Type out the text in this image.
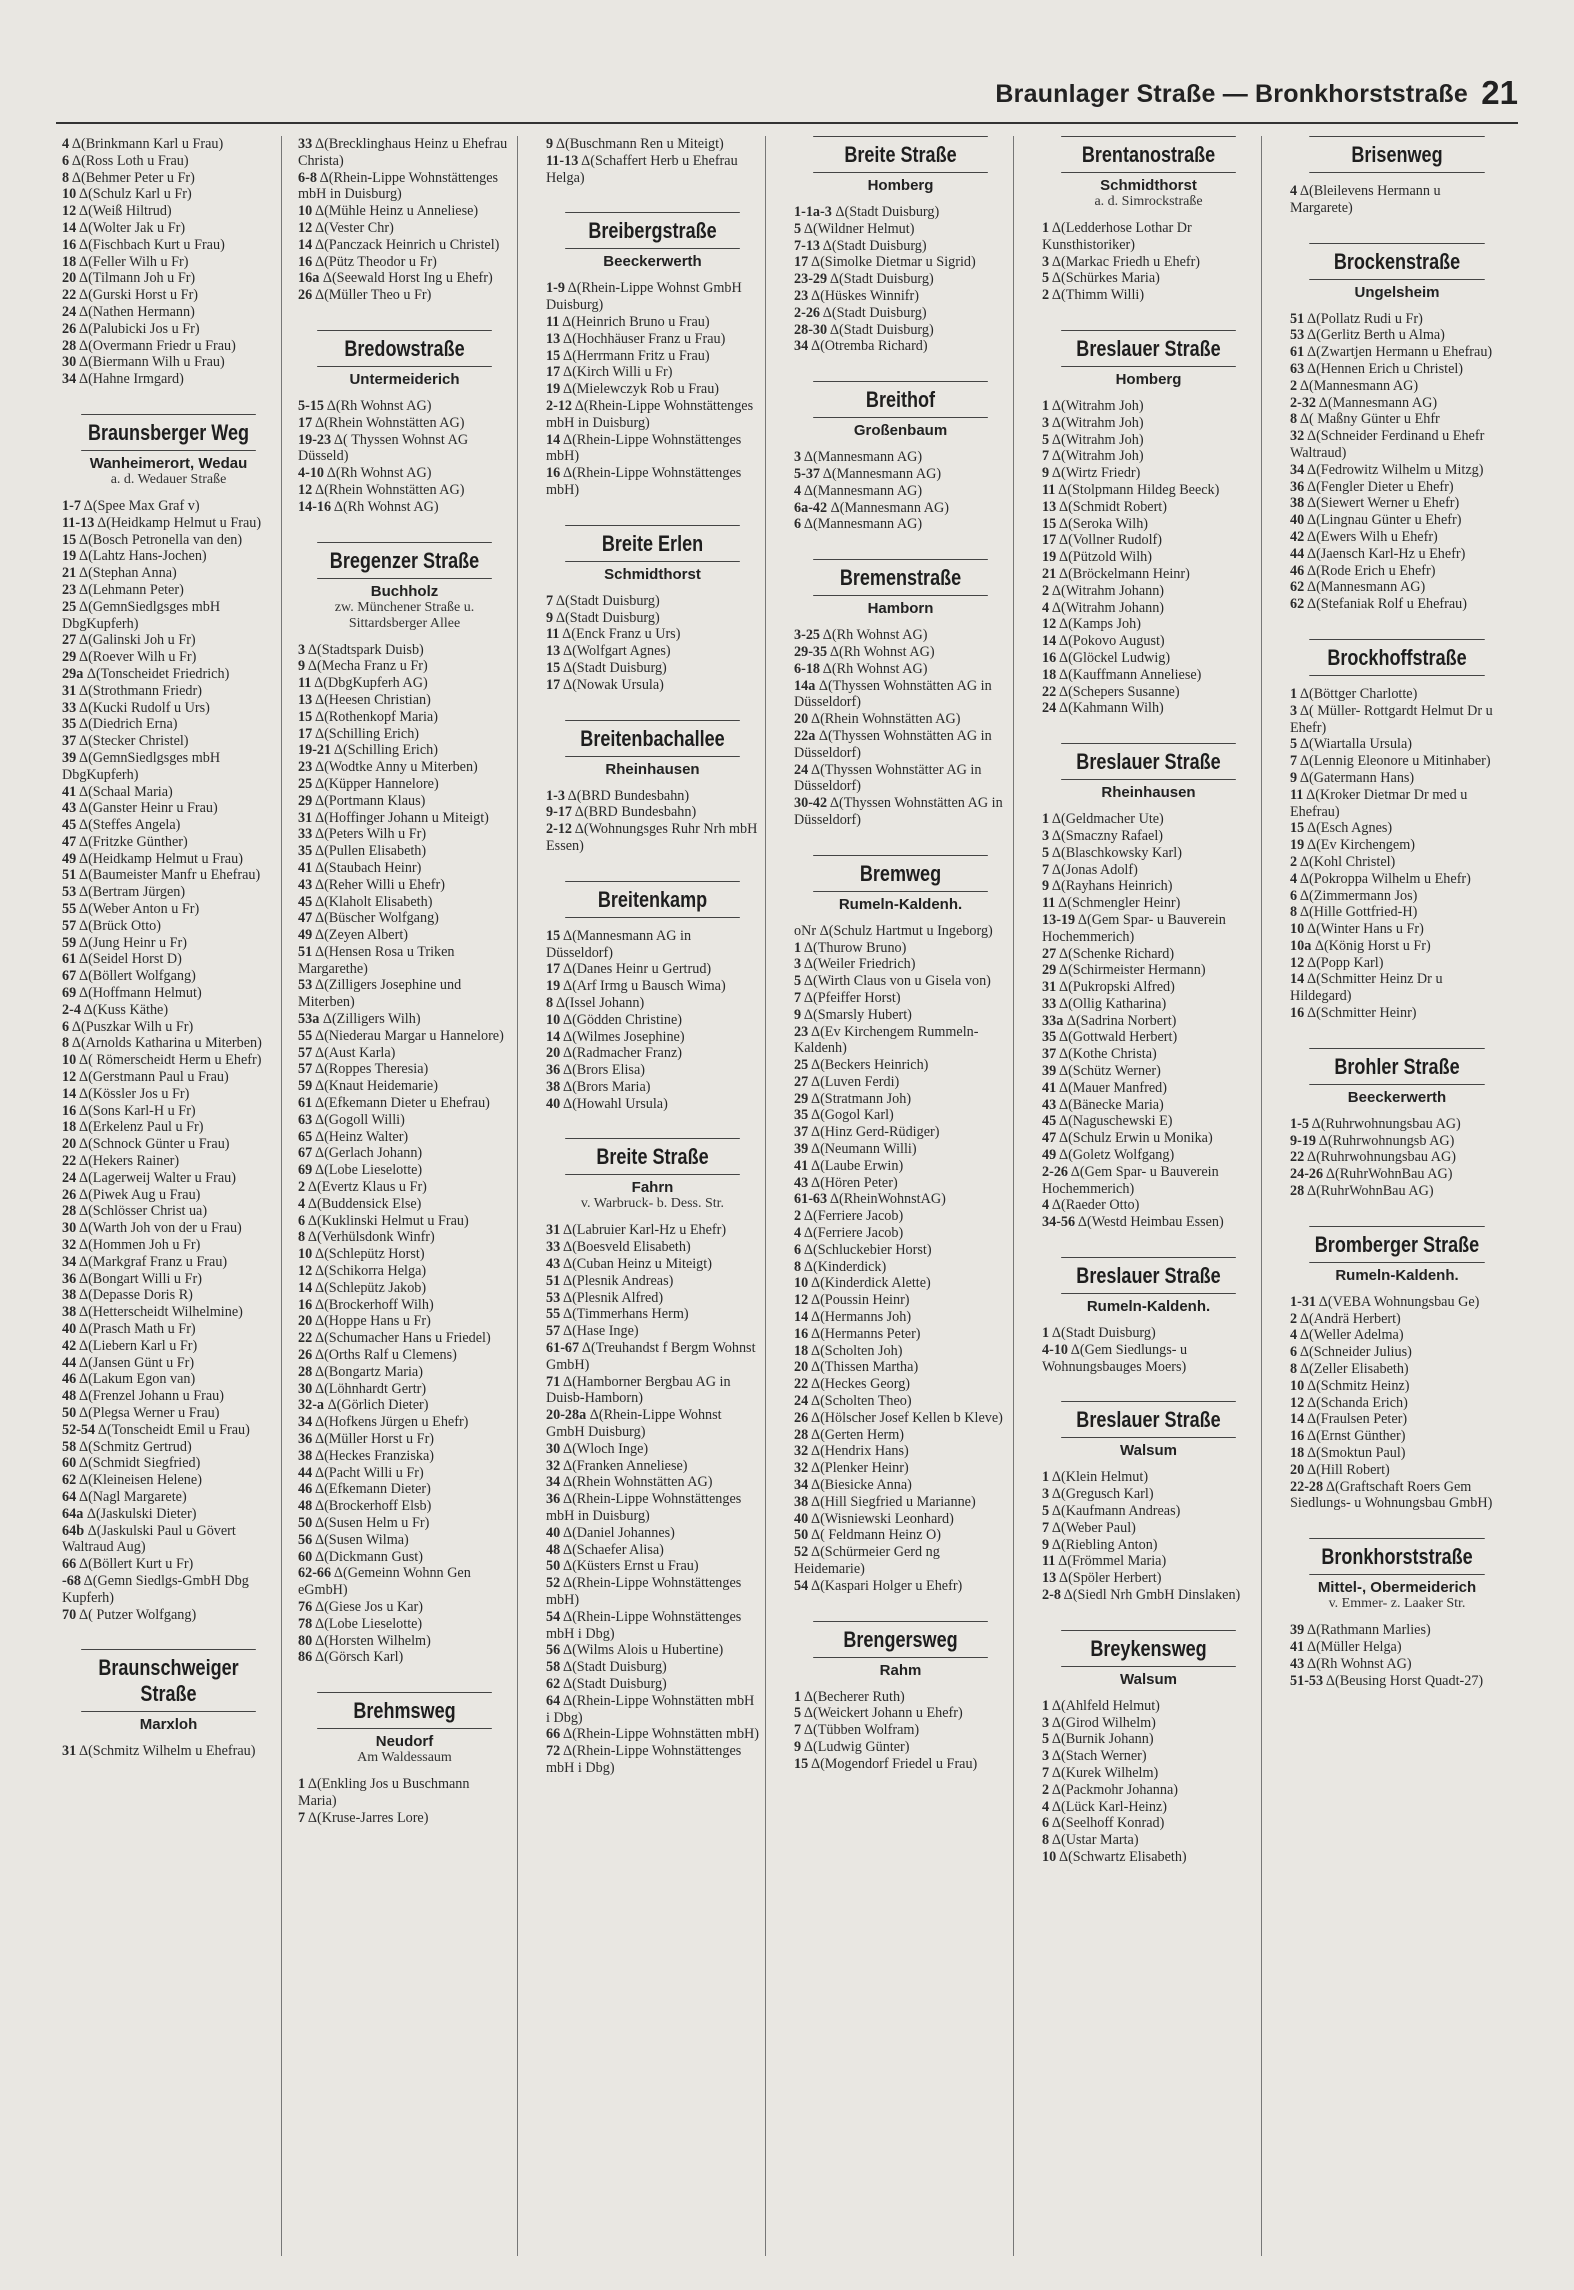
Braunlager Straße — Bronkhorststraße 21
4 Δ(Brinkmann Karl u Frau)
6 Δ(Ross Loth u Frau)
8 Δ(Behmer Peter u Fr)
10 Δ(Schulz Karl u Fr)
12 Δ(Weiß Hiltrud)
14 Δ(Wolter Jak u Fr)
16 Δ(Fischbach Kurt u Frau)
18 Δ(Feller Wilh u Fr)
20 Δ(Tilmann Joh u Fr)
22 Δ(Gurski Horst u Fr)
24 Δ(Nathen Hermann)
26 Δ(Palubicki Jos u Fr)
28 Δ(Overmann Friedr u Frau)
30 Δ(Biermann Wilh u Frau)
34 Δ(Hahne Irmgard)
Braunsberger Weg
Wanheimerort, Wedau
a. d. Wedauer Straße
1-7 Δ(Spee Max Graf v)
11-13 Δ(Heidkamp Helmut u Frau)
15 Δ(Bosch Petronella van den)
19 Δ(Lahtz Hans-Jochen)
21 Δ(Stephan Anna)
23 Δ(Lehmann Peter)
25 Δ(GemnSiedlgsges mbH DbgKupferh)
27 Δ(Galinski Joh u Fr)
29 Δ(Roever Wilh u Fr)
29a Δ(Tonscheidet Friedrich)
31 Δ(Strothmann Friedr)
33 Δ(Kucki Rudolf u Urs)
35 Δ(Diedrich Erna)
37 Δ(Stecker Christel)
39 Δ(GemnSiedlgsges mbH DbgKupferh)
41 Δ(Schaal Maria)
43 Δ(Ganster Heinr u Frau)
45 Δ(Steffes Angela)
47 Δ(Fritzke Günther)
49 Δ(Heidkamp Helmut u Frau)
51 Δ(Baumeister Manfr u Ehefrau)
53 Δ(Bertram Jürgen)
55 Δ(Weber Anton u Fr)
57 Δ(Brück Otto)
59 Δ(Jung Heinr u Fr)
61 Δ(Seidel Horst D)
67 Δ(Böllert Wolfgang)
69 Δ(Hoffmann Helmut)
2-4 Δ(Kuss Käthe)
6 Δ(Puszkar Wilh u Fr)
8 Δ(Arnolds Katharina u Miterben)
10 Δ( Römerscheidt Herm u Ehefr)
12 Δ(Gerstmann Paul u Frau)
14 Δ(Kössler Jos u Fr)
16 Δ(Sons Karl-H u Fr)
18 Δ(Erkelenz Paul u Fr)
20 Δ(Schnock Günter u Frau)
22 Δ(Hekers Rainer)
24 Δ(Lagerweij Walter u Frau)
26 Δ(Piwek Aug u Frau)
28 Δ(Schlösser Christ ua)
30 Δ(Warth Joh von der u Frau)
32 Δ(Hommen Joh u Fr)
34 Δ(Markgraf Franz u Frau)
36 Δ(Bongart Willi u Fr)
38 Δ(Depasse Doris R)
38 Δ(Hetterscheidt Wilhelmine)
40 Δ(Prasch Math u Fr)
42 Δ(Liebern Karl u Fr)
44 Δ(Jansen Günt u Fr)
46 Δ(Lakum Egon van)
48 Δ(Frenzel Johann u Frau)
50 Δ(Plegsa Werner u Frau)
52-54 Δ(Tonscheidt Emil u Frau)
58 Δ(Schmitz Gertrud)
60 Δ(Schmidt Siegfried)
62 Δ(Kleineisen Helene)
64 Δ(Nagl Margarete)
64a Δ(Jaskulski Dieter)
64b Δ(Jaskulski Paul u Gövert Waltraud Aug)
66 Δ(Böllert Kurt u Fr)
-68 Δ(Gemn Siedlgs-GmbH Dbg Kupferh)
70 Δ( Putzer Wolfgang)
Braunschweiger Straße
Marxloh
31 Δ(Schmitz Wilhelm u Ehefrau)
33 Δ(Brecklinghaus Heinz u Ehefrau Christa)
6-8 Δ(Rhein-Lippe Wohnstättenges mbH in Duisburg)
10 Δ(Mühle Heinz u Anneliese)
12 Δ(Vester Chr)
14 Δ(Panczack Heinrich u Christel)
16 Δ(Pütz Theodor u Fr)
16a Δ(Seewald Horst Ing u Ehefr)
26 Δ(Müller Theo u Fr)
Bredowstraße
Untermeiderich
5-15 Δ(Rh Wohnst AG)
17 Δ(Rhein Wohnstätten AG)
19-23 Δ( Thyssen Wohnst AG Düsseld)
4-10 Δ(Rh Wohnst AG)
12 Δ(Rhein Wohnstätten AG)
14-16 Δ(Rh Wohnst AG)
Bregenzer Straße
Buchholz
zw. Münchener Straße u. Sittardsberger Allee
3 Δ(Stadtspark Duisb)
9 Δ(Mecha Franz u Fr)
11 Δ(DbgKupferh AG)
13 Δ(Heesen Christian)
15 Δ(Rothenkopf Maria)
17 Δ(Schilling Erich)
19-21 Δ(Schilling Erich)
23 Δ(Wodtke Anny u Miterben)
25 Δ(Küpper Hannelore)
29 Δ(Portmann Klaus)
31 Δ(Hoffinger Johann u Miteigt)
33 Δ(Peters Wilh u Fr)
35 Δ(Pullen Elisabeth)
41 Δ(Staubach Heinr)
43 Δ(Reher Willi u Ehefr)
45 Δ(Klaholt Elisabeth)
47 Δ(Büscher Wolfgang)
49 Δ(Zeyen Albert)
51 Δ(Hensen Rosa u Triken Margarethe)
53 Δ(Zilligers Josephine und Miterben)
53a Δ(Zilligers Wilh)
55 Δ(Niederau Margar u Hannelore)
57 Δ(Aust Karla)
57 Δ(Roppes Theresia)
59 Δ(Knaut Heidemarie)
61 Δ(Efkemann Dieter u Ehefrau)
63 Δ(Gogoll Willi)
65 Δ(Heinz Walter)
67 Δ(Gerlach Johann)
69 Δ(Lobe Lieselotte)
2 Δ(Evertz Klaus u Fr)
4 Δ(Buddensick Else)
6 Δ(Kuklinski Helmut u Frau)
8 Δ(Verhülsdonk Winfr)
10 Δ(Schlepütz Horst)
12 Δ(Schikorra Helga)
14 Δ(Schlepütz Jakob)
16 Δ(Brockerhoff Wilh)
20 Δ(Hoppe Hans u Fr)
22 Δ(Schumacher Hans u Friedel)
26 Δ(Orths Ralf u Clemens)
28 Δ(Bongartz Maria)
30 Δ(Löhnhardt Gertr)
32-a Δ(Görlich Dieter)
34 Δ(Hofkens Jürgen u Ehefr)
36 Δ(Müller Horst u Fr)
38 Δ(Heckes Franziska)
44 Δ(Pacht Willi u Fr)
46 Δ(Efkemann Dieter)
48 Δ(Brockerhoff Elsb)
50 Δ(Susen Helm u Fr)
56 Δ(Susen Wilma)
60 Δ(Dickmann Gust)
62-66 Δ(Gemeinn Wohnn Gen eGmbH)
76 Δ(Giese Jos u Kar)
78 Δ(Lobe Lieselotte)
80 Δ(Horsten Wilhelm)
86 Δ(Görsch Karl)
Brehmsweg
Neudorf
Am Waldessaum
1 Δ(Enkling Jos u Buschmann Maria)
7 Δ(Kruse-Jarres Lore)
9 Δ(Buschmann Ren u Miteigt)
11-13 Δ(Schaffert Herb u Ehefrau Helga)
Breibergstraße
Beeckerwerth
1-9 Δ(Rhein-Lippe Wohnst GmbH Duisburg)
11 Δ(Heinrich Bruno u Frau)
13 Δ(Hochhäuser Franz u Frau)
15 Δ(Herrmann Fritz u Frau)
17 Δ(Kirch Willi u Fr)
19 Δ(Mielewczyk Rob u Frau)
2-12 Δ(Rhein-Lippe Wohnstättenges mbH in Duisburg)
14 Δ(Rhein-Lippe Wohnstättenges mbH)
16 Δ(Rhein-Lippe Wohnstättenges mbH)
Breite Erlen
Schmidthorst
7 Δ(Stadt Duisburg)
9 Δ(Stadt Duisburg)
11 Δ(Enck Franz u Urs)
13 Δ(Wolfgart Agnes)
15 Δ(Stadt Duisburg)
17 Δ(Nowak Ursula)
Breitenbachallee
Rheinhausen
1-3 Δ(BRD Bundesbahn)
9-17 Δ(BRD Bundesbahn)
2-12 Δ(Wohnungsges Ruhr Nrh mbH Essen)
Breitenkamp
15 Δ(Mannesmann AG in Düsseldorf)
17 Δ(Danes Heinr u Gertrud)
19 Δ(Arf Irmg u Bausch Wima)
8 Δ(Issel Johann)
10 Δ(Gödden Christine)
14 Δ(Wilmes Josephine)
20 Δ(Radmacher Franz)
36 Δ(Brors Elisa)
38 Δ(Brors Maria)
40 Δ(Howahl Ursula)
Breite Straße
Fahrn
v. Warbruck- b. Dess. Str.
31 Δ(Labruier Karl-Hz u Ehefr)
33 Δ(Boesveld Elisabeth)
43 Δ(Cuban Heinz u Miteigt)
51 Δ(Plesnik Andreas)
53 Δ(Plesnik Alfred)
55 Δ(Timmerhans Herm)
57 Δ(Hase Inge)
61-67 Δ(Treuhandst f Bergm Wohnst GmbH)
71 Δ(Hamborner Bergbau AG in Duisb-Hamborn)
20-28a Δ(Rhein-Lippe Wohnst GmbH Duisburg)
30 Δ(Wloch Inge)
32 Δ(Franken Anneliese)
34 Δ(Rhein Wohnstätten AG)
36 Δ(Rhein-Lippe Wohnstättenges mbH in Duisburg)
40 Δ(Daniel Johannes)
48 Δ(Schaefer Alisa)
50 Δ(Küsters Ernst u Frau)
52 Δ(Rhein-Lippe Wohnstättenges mbH)
54 Δ(Rhein-Lippe Wohnstättenges mbH i Dbg)
56 Δ(Wilms Alois u Hubertine)
58 Δ(Stadt Duisburg)
62 Δ(Stadt Duisburg)
64 Δ(Rhein-Lippe Wohnstätten mbH i Dbg)
66 Δ(Rhein-Lippe Wohnstätten mbH)
72 Δ(Rhein-Lippe Wohnstättenges mbH i Dbg)
Breite Straße
Homberg
1-1a-3 Δ(Stadt Duisburg)
5 Δ(Wildner Helmut)
7-13 Δ(Stadt Duisburg)
17 Δ(Simolke Dietmar u Sigrid)
23-29 Δ(Stadt Duisburg)
23 Δ(Hüskes Winnifr)
2-26 Δ(Stadt Duisburg)
28-30 Δ(Stadt Duisburg)
34 Δ(Otremba Richard)
Breithof
Großenbaum
3 Δ(Mannesmann AG)
5-37 Δ(Mannesmann AG)
4 Δ(Mannesmann AG)
6a-42 Δ(Mannesmann AG)
6 Δ(Mannesmann AG)
Bremenstraße
Hamborn
3-25 Δ(Rh Wohnst AG)
29-35 Δ(Rh Wohnst AG)
6-18 Δ(Rh Wohnst AG)
14a Δ(Thyssen Wohnstätten AG in Düsseldorf)
20 Δ(Rhein Wohnstätten AG)
22a Δ(Thyssen Wohnstätten AG in Düsseldorf)
24 Δ(Thyssen Wohnstätter AG in Düsseldorf)
30-42 Δ(Thyssen Wohnstätten AG in Düsseldorf)
Bremweg
Rumeln-Kaldenh.
oNr Δ(Schulz Hartmut u Ingeborg)
1 Δ(Thurow Bruno)
3 Δ(Weiler Friedrich)
5 Δ(Wirth Claus von u Gisela von)
7 Δ(Pfeiffer Horst)
9 Δ(Smarsly Hubert)
23 Δ(Ev Kirchengem Rummeln-Kaldenh)
25 Δ(Beckers Heinrich)
27 Δ(Luven Ferdi)
29 Δ(Stratmann Joh)
35 Δ(Gogol Karl)
37 Δ(Hinz Gerd-Rüdiger)
39 Δ(Neumann Willi)
41 Δ(Laube Erwin)
43 Δ(Hören Peter)
61-63 Δ(RheinWohnstAG)
2 Δ(Ferriere Jacob)
4 Δ(Ferriere Jacob)
6 Δ(Schluckebier Horst)
8 Δ(Kinderdick)
10 Δ(Kinderdick Alette)
12 Δ(Poussin Heinr)
14 Δ(Hermanns Joh)
16 Δ(Hermanns Peter)
18 Δ(Scholten Joh)
20 Δ(Thissen Martha)
22 Δ(Heckes Georg)
24 Δ(Scholten Theo)
26 Δ(Hölscher Josef Kellen b Kleve)
28 Δ(Gerten Herm)
32 Δ(Hendrix Hans)
32 Δ(Plenker Heinr)
34 Δ(Biesicke Anna)
38 Δ(Hill Siegfried u Marianne)
40 Δ(Wisniewski Leonhard)
50 Δ( Feldmann Heinz O)
52 Δ(Schürmeier Gerd ng Heidemarie)
54 Δ(Kaspari Holger u Ehefr)
Brengersweg
Rahm
1 Δ(Becherer Ruth)
5 Δ(Weickert Johann u Ehefr)
7 Δ(Tübben Wolfram)
9 Δ(Ludwig Günter)
15 Δ(Mogendorf Friedel u Frau)
Brentanostraße
Schmidthorst
a. d. Simrockstraße
1 Δ(Ledderhose Lothar Dr Kunsthistoriker)
3 Δ(Markac Friedh u Ehefr)
5 Δ(Schürkes Maria)
2 Δ(Thimm Willi)
Breslauer Straße
Homberg
1 Δ(Witrahm Joh)
3 Δ(Witrahm Joh)
5 Δ(Witrahm Joh)
7 Δ(Witrahm Joh)
9 Δ(Wirtz Friedr)
11 Δ(Stolpmann Hildeg Beeck)
13 Δ(Schmidt Robert)
15 Δ(Seroka Wilh)
17 Δ(Vollner Rudolf)
19 Δ(Pützold Wilh)
21 Δ(Bröckelmann Heinr)
2 Δ(Witrahm Johann)
4 Δ(Witrahm Johann)
12 Δ(Kamps Joh)
14 Δ(Pokovo August)
16 Δ(Glöckel Ludwig)
18 Δ(Kauffmann Anneliese)
22 Δ(Schepers Susanne)
24 Δ(Kahmann Wilh)
Breslauer Straße
Rheinhausen
1 Δ(Geldmacher Ute)
3 Δ(Smaczny Rafael)
5 Δ(Blaschkowsky Karl)
7 Δ(Jonas Adolf)
9 Δ(Rayhans Heinrich)
11 Δ(Schmengler Heinr)
13-19 Δ(Gem Spar- u Bauverein Hochemmerich)
27 Δ(Schenke Richard)
29 Δ(Schirmeister Hermann)
31 Δ(Pukropski Alfred)
33 Δ(Ollig Katharina)
33a Δ(Sadrina Norbert)
35 Δ(Gottwald Herbert)
37 Δ(Kothe Christa)
39 Δ(Schütz Werner)
41 Δ(Mauer Manfred)
43 Δ(Bänecke Maria)
45 Δ(Naguschewski E)
47 Δ(Schulz Erwin u Monika)
49 Δ(Goletz Wolfgang)
2-26 Δ(Gem Spar- u Bauverein Hochemmerich)
4 Δ(Raeder Otto)
34-56 Δ(Westd Heimbau Essen)
Breslauer Straße
Rumeln-Kaldenh.
1 Δ(Stadt Duisburg)
4-10 Δ(Gem Siedlungs- u Wohnungsbauges Moers)
Breslauer Straße
Walsum
1 Δ(Klein Helmut)
3 Δ(Gregusch Karl)
5 Δ(Kaufmann Andreas)
7 Δ(Weber Paul)
9 Δ(Riebling Anton)
11 Δ(Frömmel Maria)
13 Δ(Spöler Herbert)
2-8 Δ(Siedl Nrh GmbH Dinslaken)
Breykensweg
Walsum
1 Δ(Ahlfeld Helmut)
3 Δ(Girod Wilhelm)
5 Δ(Burnik Johann)
3 Δ(Stach Werner)
7 Δ(Kurek Wilhelm)
2 Δ(Packmohr Johanna)
4 Δ(Lück Karl-Heinz)
6 Δ(Seelhoff Konrad)
8 Δ(Ustar Marta)
10 Δ(Schwartz Elisabeth)
Brisenweg
4 Δ(Bleilevens Hermann u Margarete)
Brockenstraße
Ungelsheim
51 Δ(Pollatz Rudi u Fr)
53 Δ(Gerlitz Berth u Alma)
61 Δ(Zwartjen Hermann u Ehefrau)
63 Δ(Hennen Erich u Christel)
2 Δ(Mannesmann AG)
2-32 Δ(Mannesmann AG)
8 Δ( Maßny Günter u Ehfr
32 Δ(Schneider Ferdinand u Ehefr Waltraud)
34 Δ(Fedrowitz Wilhelm u Mitzg)
36 Δ(Fengler Dieter u Ehefr)
38 Δ(Siewert Werner u Ehefr)
40 Δ(Lingnau Günter u Ehefr)
42 Δ(Ewers Wilh u Ehefr)
44 Δ(Jaensch Karl-Hz u Ehefr)
46 Δ(Rode Erich u Ehefr)
62 Δ(Mannesmann AG)
62 Δ(Stefaniak Rolf u Ehefrau)
Brockhoffstraße
1 Δ(Böttger Charlotte)
3 Δ( Müller- Rottgardt Helmut Dr u Ehefr)
5 Δ(Wiartalla Ursula)
7 Δ(Lennig Eleonore u Mitinhaber)
9 Δ(Gatermann Hans)
11 Δ(Kroker Dietmar Dr med u Ehefrau)
15 Δ(Esch Agnes)
19 Δ(Ev Kirchengem)
2 Δ(Kohl Christel)
4 Δ(Pokroppa Wilhelm u Ehefr)
6 Δ(Zimmermann Jos)
8 Δ(Hille Gottfried-H)
10 Δ(Winter Hans u Fr)
10a Δ(König Horst u Fr)
12 Δ(Popp Karl)
14 Δ(Schmitter Heinz Dr u Hildegard)
16 Δ(Schmitter Heinr)
Brohler Straße
Beeckerwerth
1-5 Δ(Ruhrwohnungsbau AG)
9-19 Δ(Ruhrwohnungsb AG)
22 Δ(Ruhrwohnungsbau AG)
24-26 Δ(RuhrWohnBau AG)
28 Δ(RuhrWohnBau AG)
Bromberger Straße
Rumeln-Kaldenh.
1-31 Δ(VEBA Wohnungsbau Ge)
2 Δ(Andrä Herbert)
4 Δ(Weller Adelma)
6 Δ(Schneider Julius)
8 Δ(Zeller Elisabeth)
10 Δ(Schmitz Heinz)
12 Δ(Schanda Erich)
14 Δ(Fraulsen Peter)
16 Δ(Ernst Günther)
18 Δ(Smoktun Paul)
20 Δ(Hill Robert)
22-28 Δ(Graftschaft Roers Gem Siedlungs- u Wohnungsbau GmbH)
Bronkhorststraße
Mittel-, Obermeiderich
v. Emmer- z. Laaker Str.
39 Δ(Rathmann Marlies)
41 Δ(Müller Helga)
43 Δ(Rh Wohnst AG)
51-53 Δ(Beusing Horst Quadt-27)
